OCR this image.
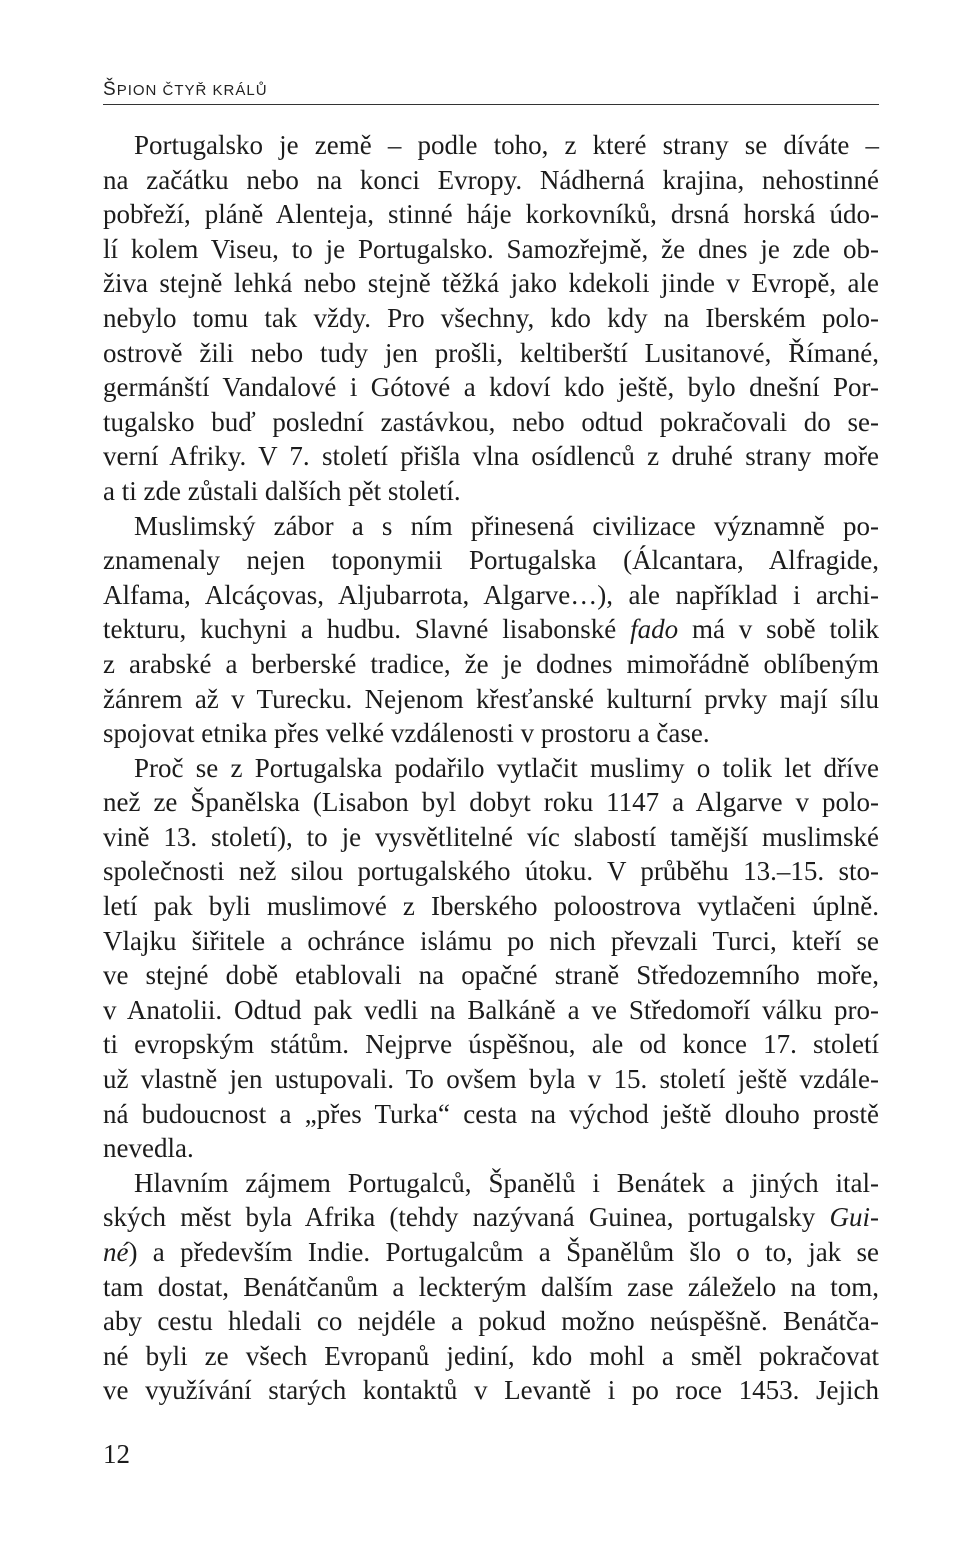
ŠPION ČTYŘ KRÁLŮ
Portugalsko je země – podle toho, z které strany se díváte –
na začátku nebo na konci Evropy. Nádherná krajina, nehostinné
pobřeží, pláně Alenteja, stinné háje korkovníků, drsná horská údo-
lí kolem Viseu, to je Portugalsko. Samozřejmě, že dnes je zde ob-
živa stejně lehká nebo stejně těžká jako kdekoli jinde v Evropě, ale
nebylo tomu tak vždy. Pro všechny, kdo kdy na Iberském polo-
ostrově žili nebo tudy jen prošli, keltiberští Lusitanové, Římané,
germánští Vandalové i Gótové a kdoví kdo ještě, bylo dnešní Por-
tugalsko buď poslední zastávkou, nebo odtud pokračovali do se-
verní Afriky. V 7. století přišla vlna osídlenců z druhé strany moře
a ti zde zůstali dalších pět století.
Muslimský zábor a s ním přinesená civilizace významně po-
znamenaly nejen toponymii Portugalska (Álcantara, Alfragide,
Alfama, Alcáçovas, Aljubarrota, Algarve…), ale například i archi-
tekturu, kuchyni a hudbu. Slavné lisabonské fado má v sobě tolik
z arabské a berberské tradice, že je dodnes mimořádně oblíbeným
žánrem až v Turecku. Nejenom křesťanské kulturní prvky mají sílu
spojovat etnika přes velké vzdálenosti v prostoru a čase.
Proč se z Portugalska podařilo vytlačit muslimy o tolik let dříve
než ze Španělska (Lisabon byl dobyt roku 1147 a Algarve v polo-
vině 13. století), to je vysvětlitelné víc slabostí tamější muslimské
společnosti než silou portugalského útoku. V průběhu 13.–15. sto-
letí pak byli muslimové z Iberského poloostrova vytlačeni úplně.
Vlajku šiřitele a ochránce islámu po nich převzali Turci, kteří se
ve stejné době etablovali na opačné straně Středozemního moře,
v Anatolii. Odtud pak vedli na Balkáně a ve Středomoří válku pro-
ti evropským státům. Nejprve úspěšnou, ale od konce 17. století
už vlastně jen ustupovali. To ovšem byla v 15. století ještě vzdále-
ná budoucnost a „přes Turka“ cesta na východ ještě dlouho prostě
nevedla.
Hlavním zájmem Portugalců, Španělů i Benátek a jiných ital-
ských měst byla Afrika (tehdy nazývaná Guinea, portugalsky Gui-
né) a především Indie. Portugalcům a Španělům šlo o to, jak se
tam dostat, Benátčanům a leckterým dalším zase záleželo na tom,
aby cestu hledali co nejdéle a pokud možno neúspěšně. Benátča-
né byli ze všech Evropanů jediní, kdo mohl a směl pokračovat
ve využívání starých kontaktů v Levantě i po roce 1453. Jejich
12
